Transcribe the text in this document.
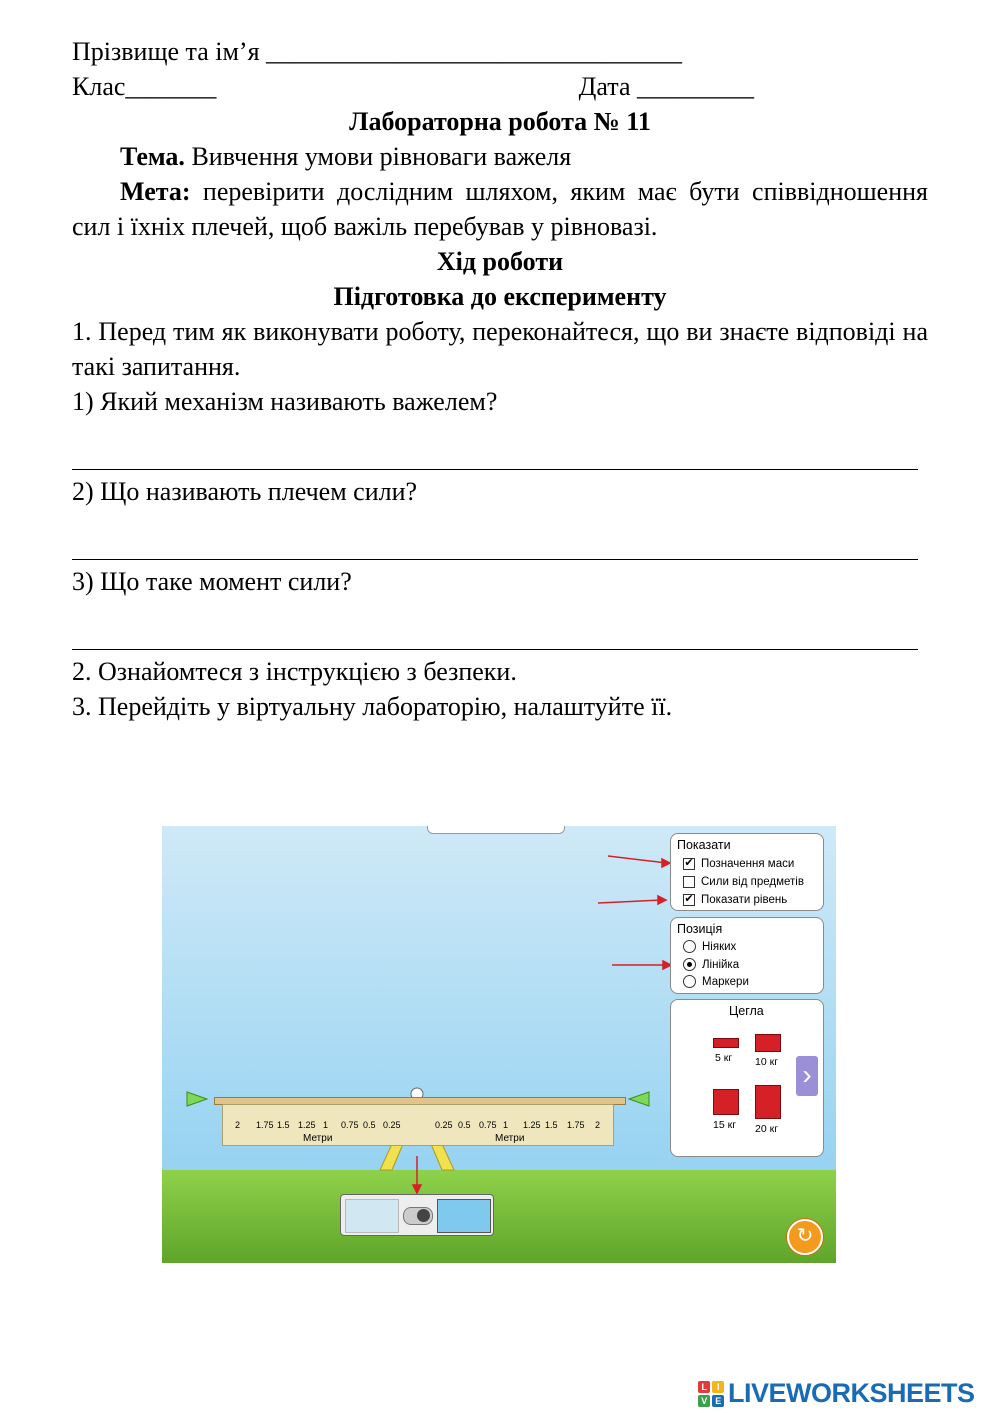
Прізвище та ім’я ________________________________
Клас_______	Дата _________
Лабораторна робота № 11
Тема. Вивчення умови рівноваги важеля
Мета: перевірити дослідним шляхом, яким має бути співвідношення сил і їхніх плечей, щоб важіль перебував у рівновазі.
Хід роботи
Підготовка до експерименту
1. Перед тим як виконувати роботу, переконайтеся, що ви знаєте відповіді на такі запитання.
1) Який механізм називають важелем?
2) Що називають плечем сили?
3) Що таке момент сили?
2. Ознайомтеся з інструкцією з безпеки.
3. Перейдіть у віртуальну лабораторію, налаштуйте її.
2 1.75 1.5 1.25 1 0.75 0.5 0.25	0.25 0.5 0.75 1 1.25 1.5 1.75 2
Метри	Метри
Показати
✔ Позначення маси
Сили від предметів
✔ Показати рівень
Позиція
Ніяких
Лінійка
Маркери
Цегла
5 кг 10 кг
15 кг 20 кг
›
↻
L	I
V E LIVEWORKSHEETS
